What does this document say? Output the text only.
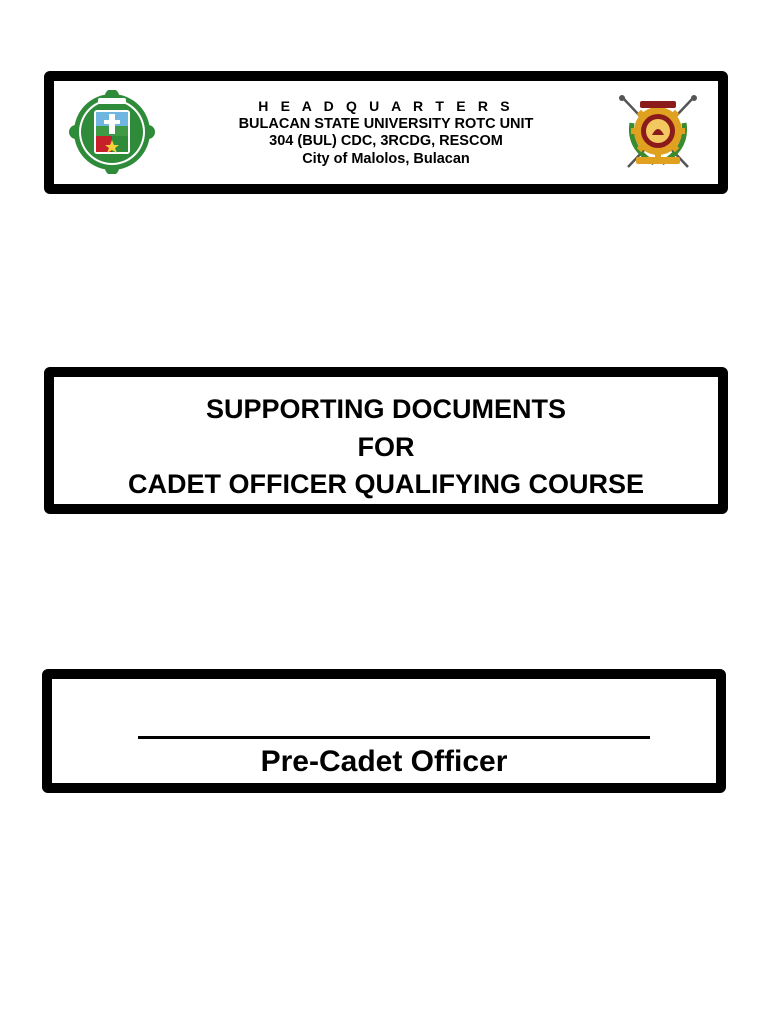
H E A D Q U A R T E R S
BULACAN STATE UNIVERSITY ROTC UNIT
304 (BUL) CDC, 3RCDG, RESCOM
City of Malolos, Bulacan
SUPPORTING DOCUMENTS
FOR
CADET OFFICER QUALIFYING COURSE
Pre-Cadet Officer
